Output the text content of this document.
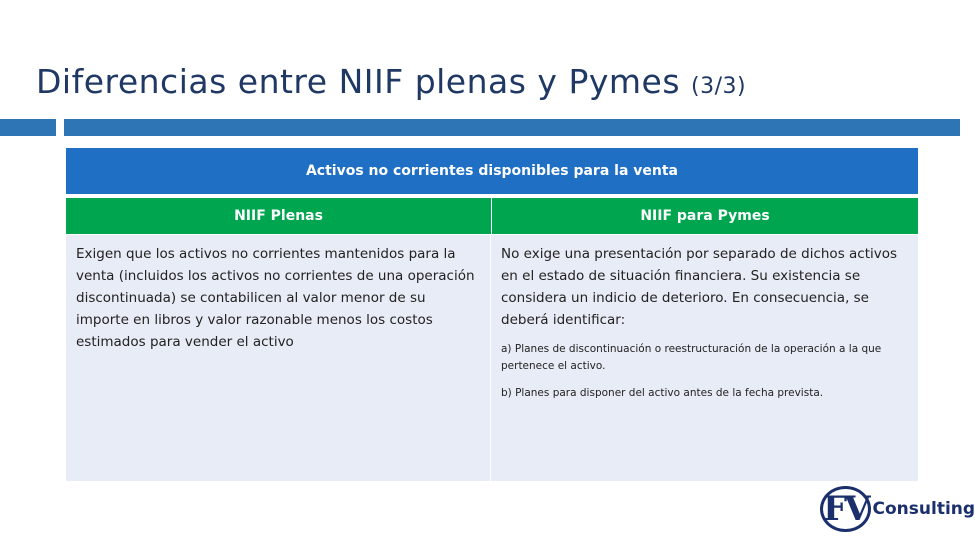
Diferencias entre NIIF plenas y Pymes (3/3)
Activos no corrientes disponibles para la venta
NIIF Plenas	NIIF para Pymes
Exigen que los activos no corrientes mantenidos para la venta (incluidos los activos no corrientes de una operación discontinuada) se contabilicen al valor menor de su importe en libros y valor razonable menos los costos estimados para vender el activo
No exige una presentación por separado de dichos activos en el estado de situación financiera. Su existencia se considera un indicio de deterioro. En consecuencia, se deberá identificar:
a) Planes de discontinuación o reestructuración de la operación a la que pertenece el activo.
b) Planes para disponer del activo antes de la fecha prevista.
FV Consulting
